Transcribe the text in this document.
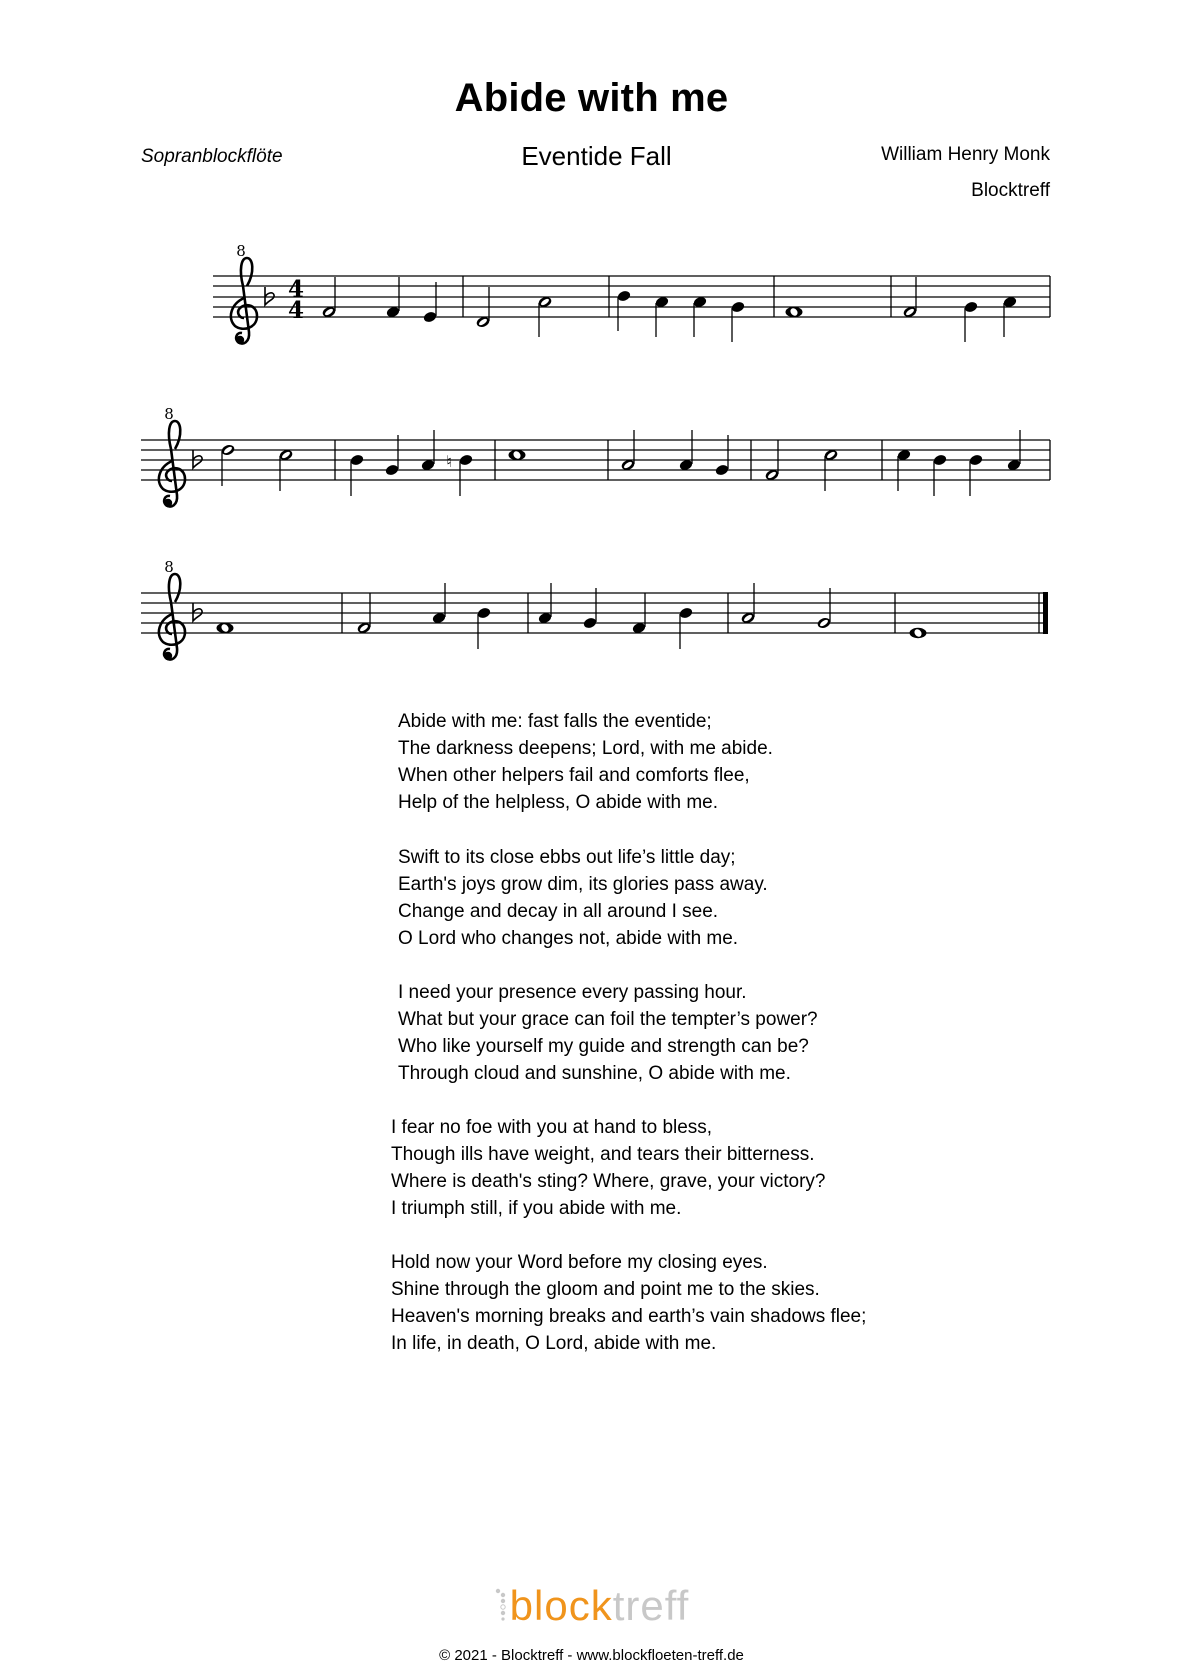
Abide with me
Sopranblockflöte	Eventide Fall	William Henry Monk
Blocktreff
4
4
♮
Abide with me: fast falls the eventide;
The darkness deepens; Lord, with me abide.
When other helpers fail and comforts flee,
Help of the helpless, O abide with me.
Swift to its close ebbs out life’s little day;
Earth's joys grow dim, its glories pass away.
Change and decay in all around I see.
O Lord who changes not, abide with me.
I need your presence every passing hour.
What but your grace can foil the tempter’s power?
Who like yourself my guide and strength can be?
Through cloud and sunshine, O abide with me.
I fear no foe with you at hand to bless,
Though ills have weight, and tears their bitterness.
Where is death's sting? Where, grave, your victory?
I triumph still, if you abide with me.
Hold now your Word before my closing eyes.
Shine through the gloom and point me to the skies.
Heaven's morning breaks and earth’s vain shadows flee;
In life, in death, O Lord, abide with me.
blocktreff
© 2021 - Blocktreff - www.blockfloeten-treff.de
